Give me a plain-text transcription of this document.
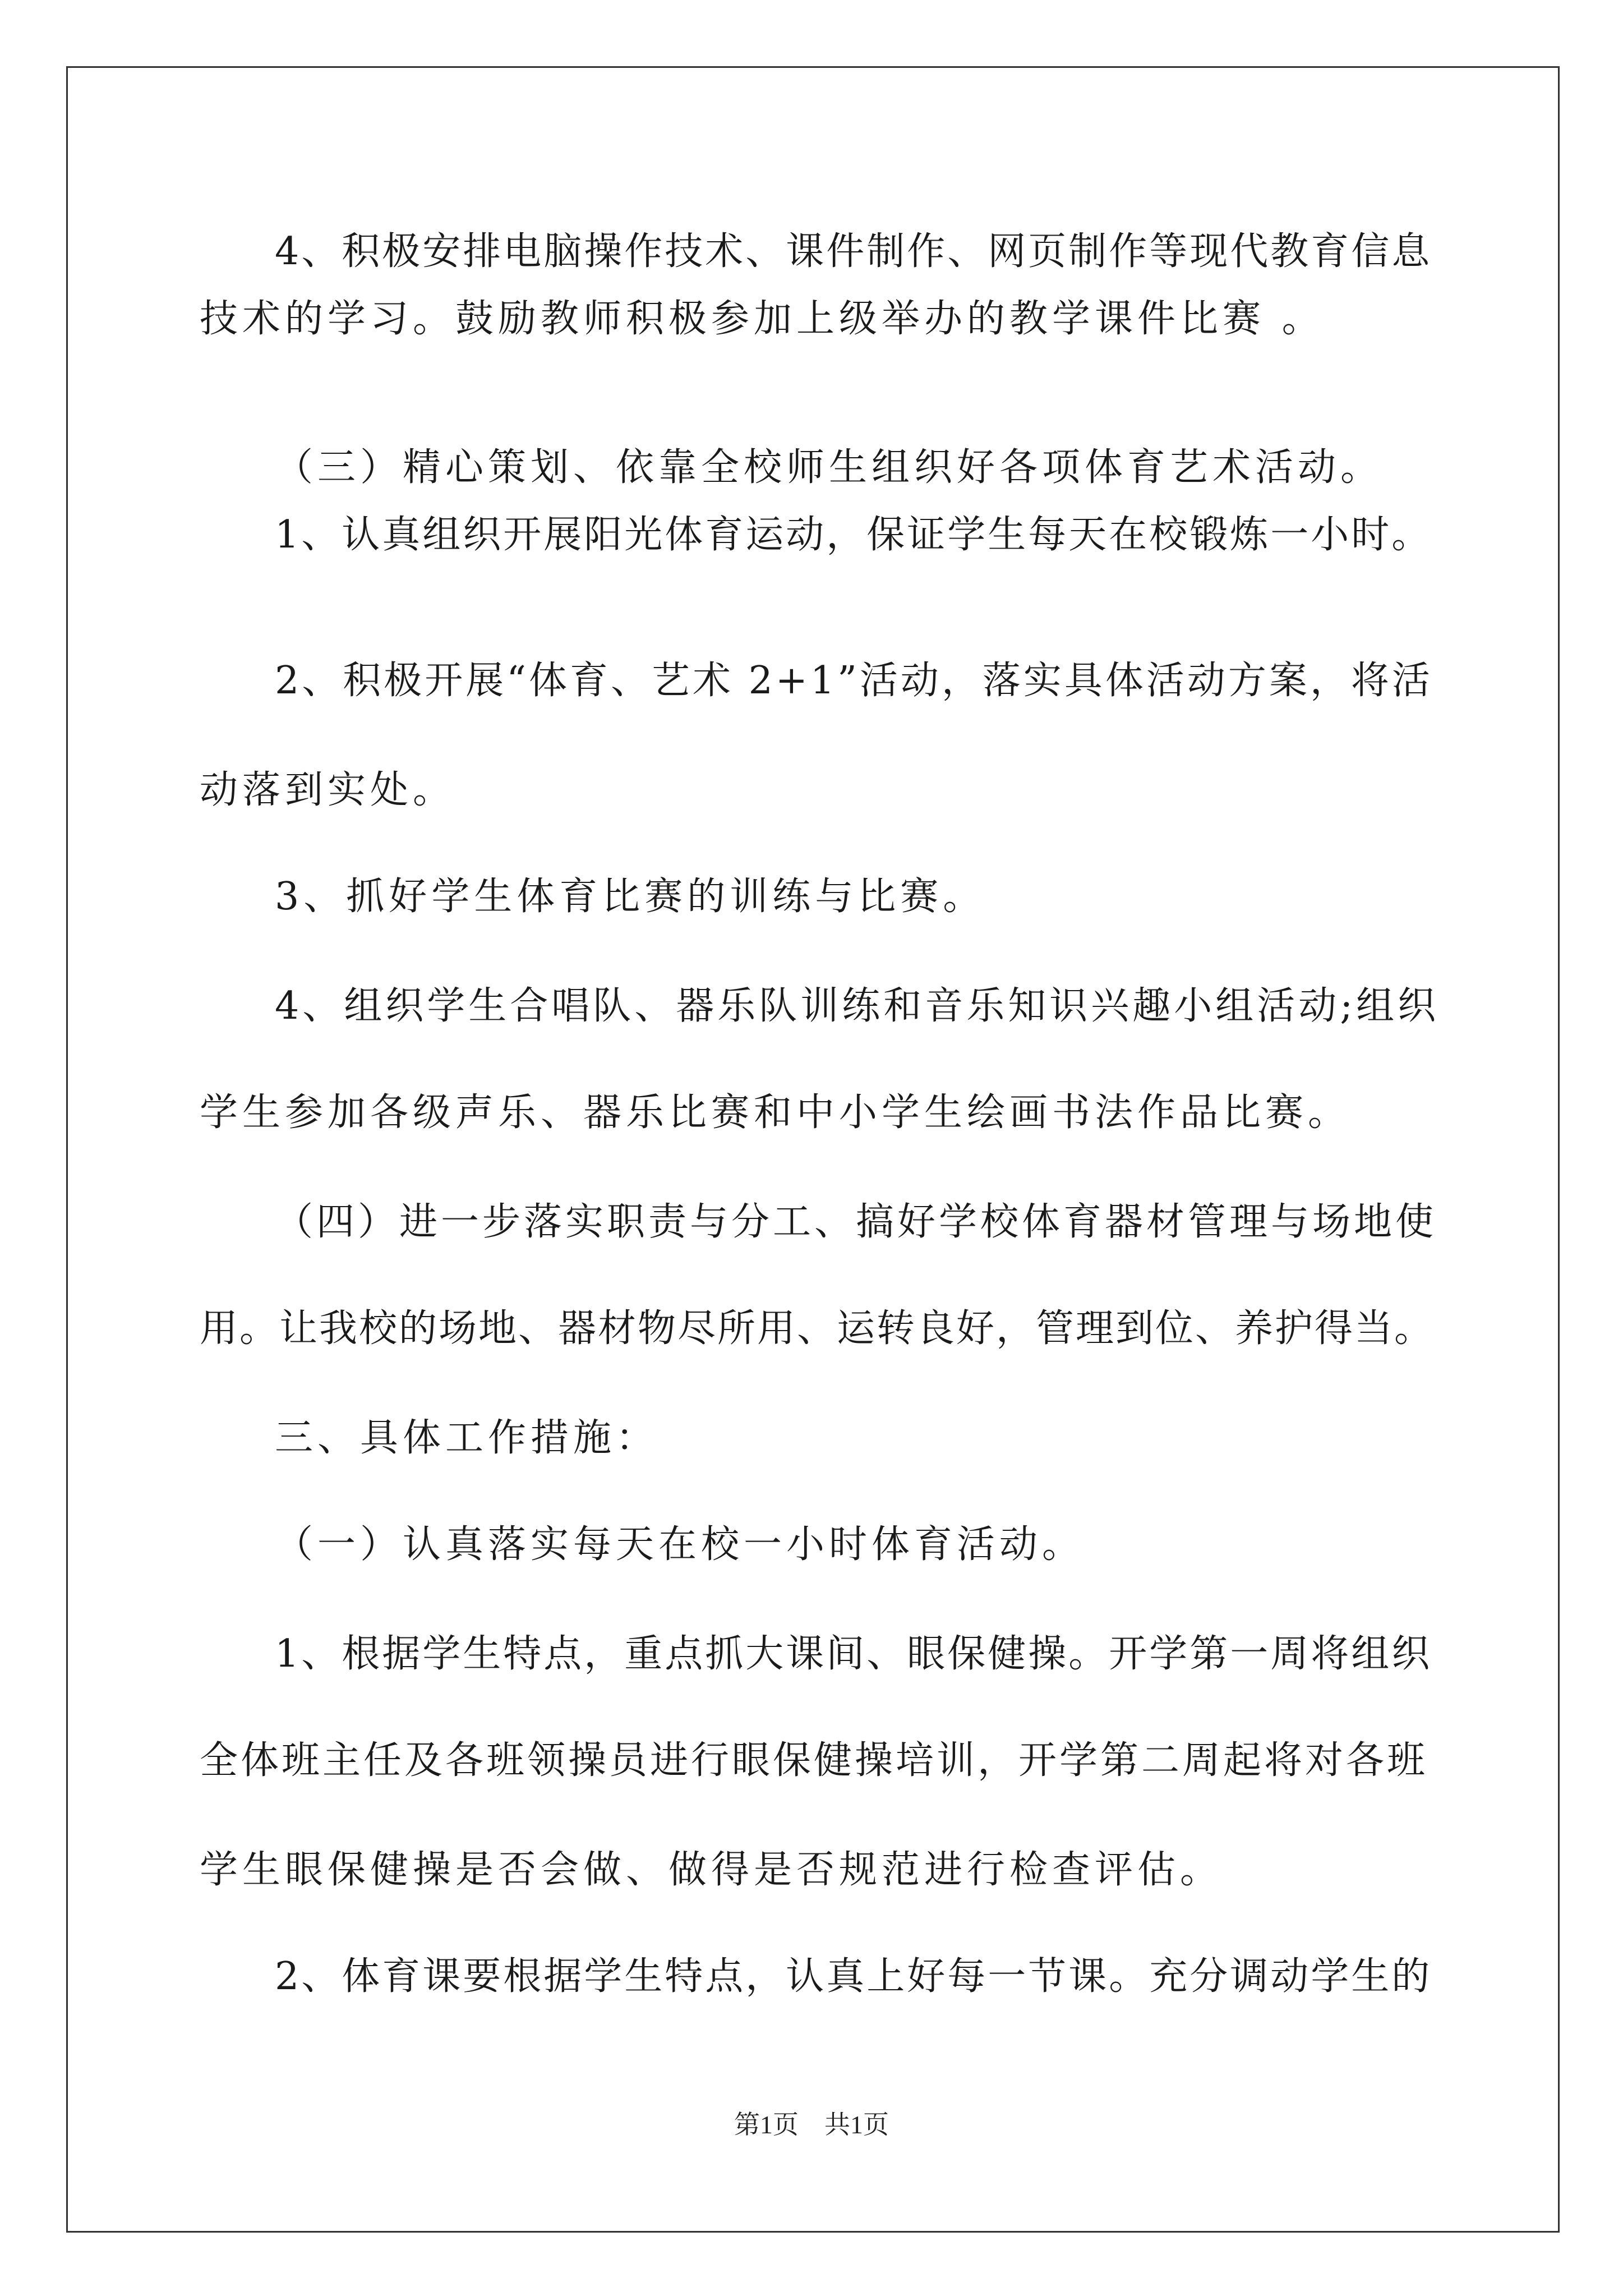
4、积极安排电脑操作技术、课件制作、网页制作等现代教育信息
技术的学习。鼓励教师积极参加上级举办的教学课件比赛 。
（三）精心策划、依靠全校师生组织好各项体育艺术活动。
1、认真组织开展阳光体育运动，保证学生每天在校锻炼一小时。
2、积极开展“体育、艺术 2+1”活动，落实具体活动方案，将活
动落到实处。
3、抓好学生体育比赛的训练与比赛。
4、组织学生合唱队、器乐队训练和音乐知识兴趣小组活动;组织
学生参加各级声乐、器乐比赛和中小学生绘画书法作品比赛。
（四）进一步落实职责与分工、搞好学校体育器材管理与场地使
用。让我校的场地、器材物尽所用、运转良好，管理到位、养护得当。
三、具体工作措施：
（一）认真落实每天在校一小时体育活动。
1、根据学生特点，重点抓大课间、眼保健操。开学第一周将组织
全体班主任及各班领操员进行眼保健操培训，开学第二周起将对各班
学生眼保健操是否会做、做得是否规范进行检查评估。
2、体育课要根据学生特点，认真上好每一节课。充分调动学生的
第1页　共1页
